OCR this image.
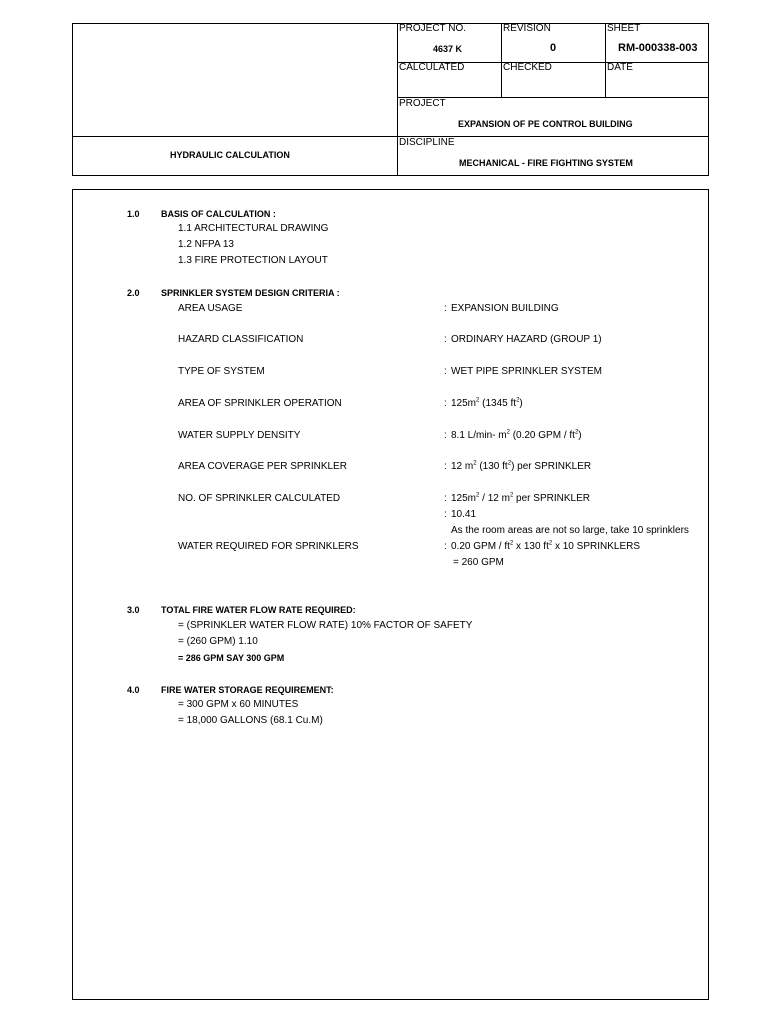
PROJECT NO.
4637 K
REVISION
0
SHEET
RM-000338-003
CALCULATED	CHECKED	DATE
PROJECT
EXPANSION OF PE CONTROL BUILDING
DISCIPLINE
MECHANICAL - FIRE FIGHTING SYSTEM
HYDRAULIC CALCULATION
1.0 BASIS OF CALCULATION :
1.1 ARCHITECTURAL DRAWING
1.2 NFPA 13
1.3 FIRE PROTECTION LAYOUT
2.0 SPRINKLER SYSTEM DESIGN CRITERIA :
AREA USAGE	: EXPANSION BUILDING
HAZARD CLASSIFICATION	: ORDINARY HAZARD (GROUP 1)
TYPE OF SYSTEM	: WET PIPE SPRINKLER SYSTEM
AREA OF SPRINKLER OPERATION	: $125m^2$ (1345 $ft^2$)
WATER SUPPLY DENSITY	: 8.1 L/min- $m^2$ (0.20 GPM / $ft^2$)
AREA COVERAGE PER SPRINKLER	: 12 $m^2$ (130 $ft^2$) per SPRINKLER
NO. OF SPRINKLER CALCULATED	: $125m^2 / 12$ $m^2$ per SPRINKLER
: 10.41
As the room areas are not so large, take 10 sprinklers
WATER REQUIRED FOR SPRINKLERS	: 0.20 GPM / $ft^2$ x 130 $ft^2$ x 10 SPRINKLERS
= 260 GPM
3.0 TOTAL FIRE WATER FLOW RATE REQUIRED:
= (SPRINKLER WATER FLOW RATE) 10% FACTOR OF SAFETY
= (260 GPM) 1.10
= 286 GPM SAY 300 GPM
4.0 FIRE WATER STORAGE REQUIREMENT:
= 300 GPM x 60 MINUTES
= 18,000 GALLONS (68.1 Cu.M)
